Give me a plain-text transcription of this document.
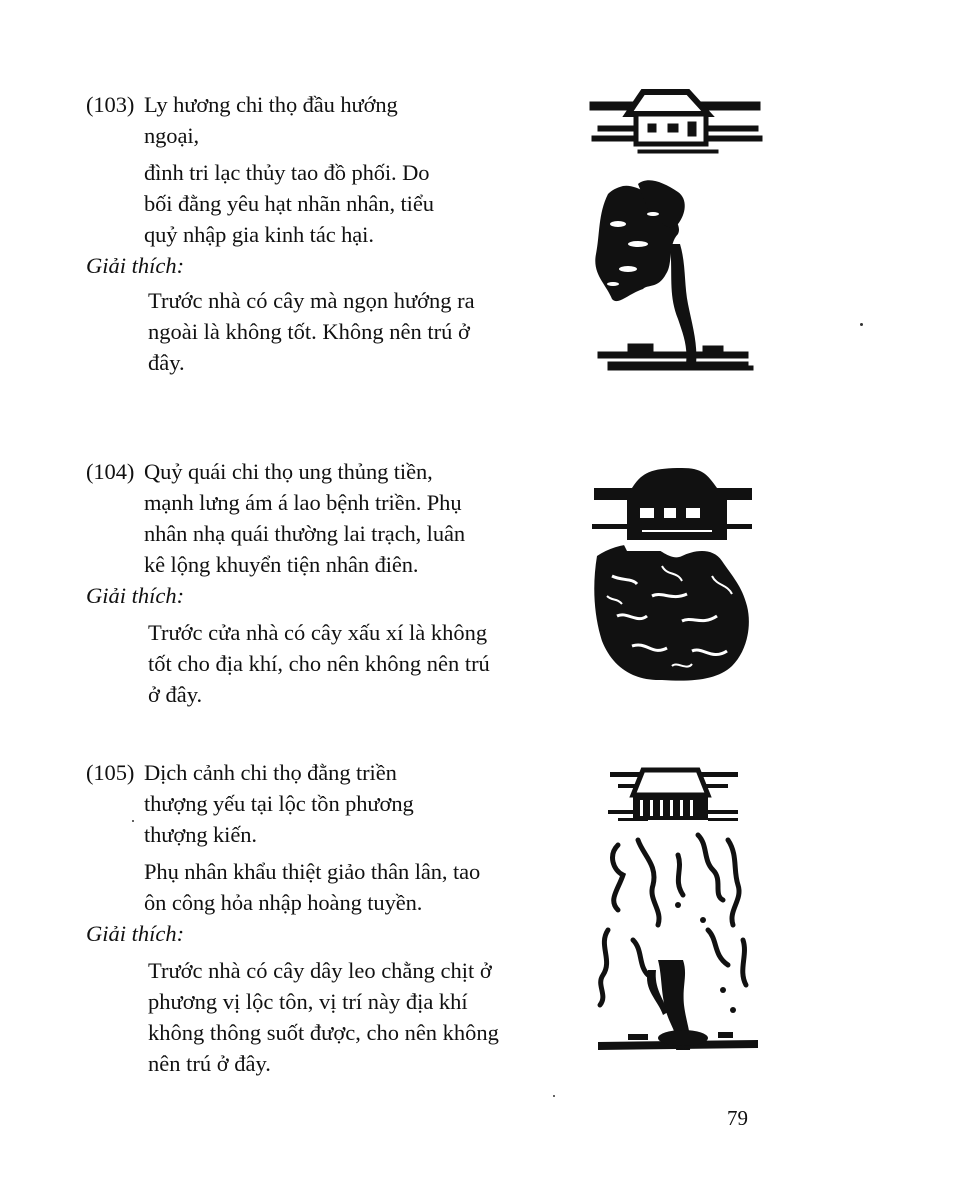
(103) Ly hương chi thọ đầu hướng
ngoại,
đình tri lạc thủy tao đồ phối. Do
bối đằng yêu hạt nhãn nhân, tiểu
quỷ nhập gia kinh tác hại.
Giải thích:
Trước nhà có cây mà ngọn hướng ra
ngoài là không tốt. Không nên trú ở
đây.
(104) Quỷ quái chi thọ ung thủng tiền,
mạnh lưng ám á lao bệnh triền. Phụ
nhân nhạ quái thường lai trạch, luân
kê lộng khuyển tiện nhân điên.
Giải thích:
Trước cửa nhà có cây xấu xí là không
tốt cho địa khí, cho nên không nên trú
ở đây.
(105) Dịch cảnh chi thọ đằng triền
thượng yếu tại lộc tồn phương
thượng kiến.
Phụ nhân khẩu thiệt giảo thân lân, tao
ôn công hỏa nhập hoàng tuyền.
Giải thích:
Trước nhà có cây dây leo chằng chịt ở
phương vị lộc tôn, vị trí này địa khí
không thông suốt được, cho nên không
nên trú ở đây.
79
